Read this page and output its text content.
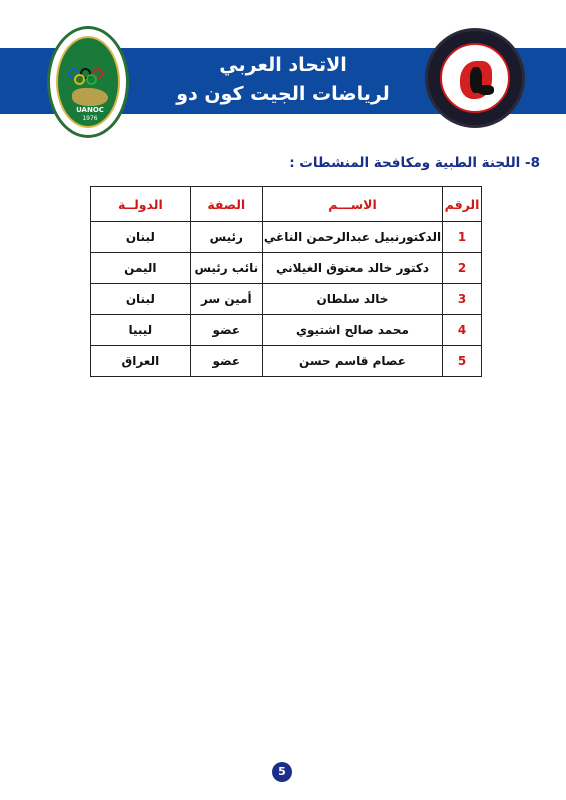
الاتحاد العربي
لرياضات الجيت كون دو
UANOC
1976
8- اللجنة الطبية ومكافحة المنشطات :
الرقم	الاســـم	الصفة	الدولــة
1	الدكتورنبيل عبدالرحمن الناغي	رئيس	لبنان
2	دكتور خالد معتوق الغيلاني	نائب رئيس	اليمن
3	خالد سلطان	أمين سر	لبنان
4	محمد صالح اشتيوي	عضو	ليبيا
5	عصام قاسم حسن	عضو	العراق
5
